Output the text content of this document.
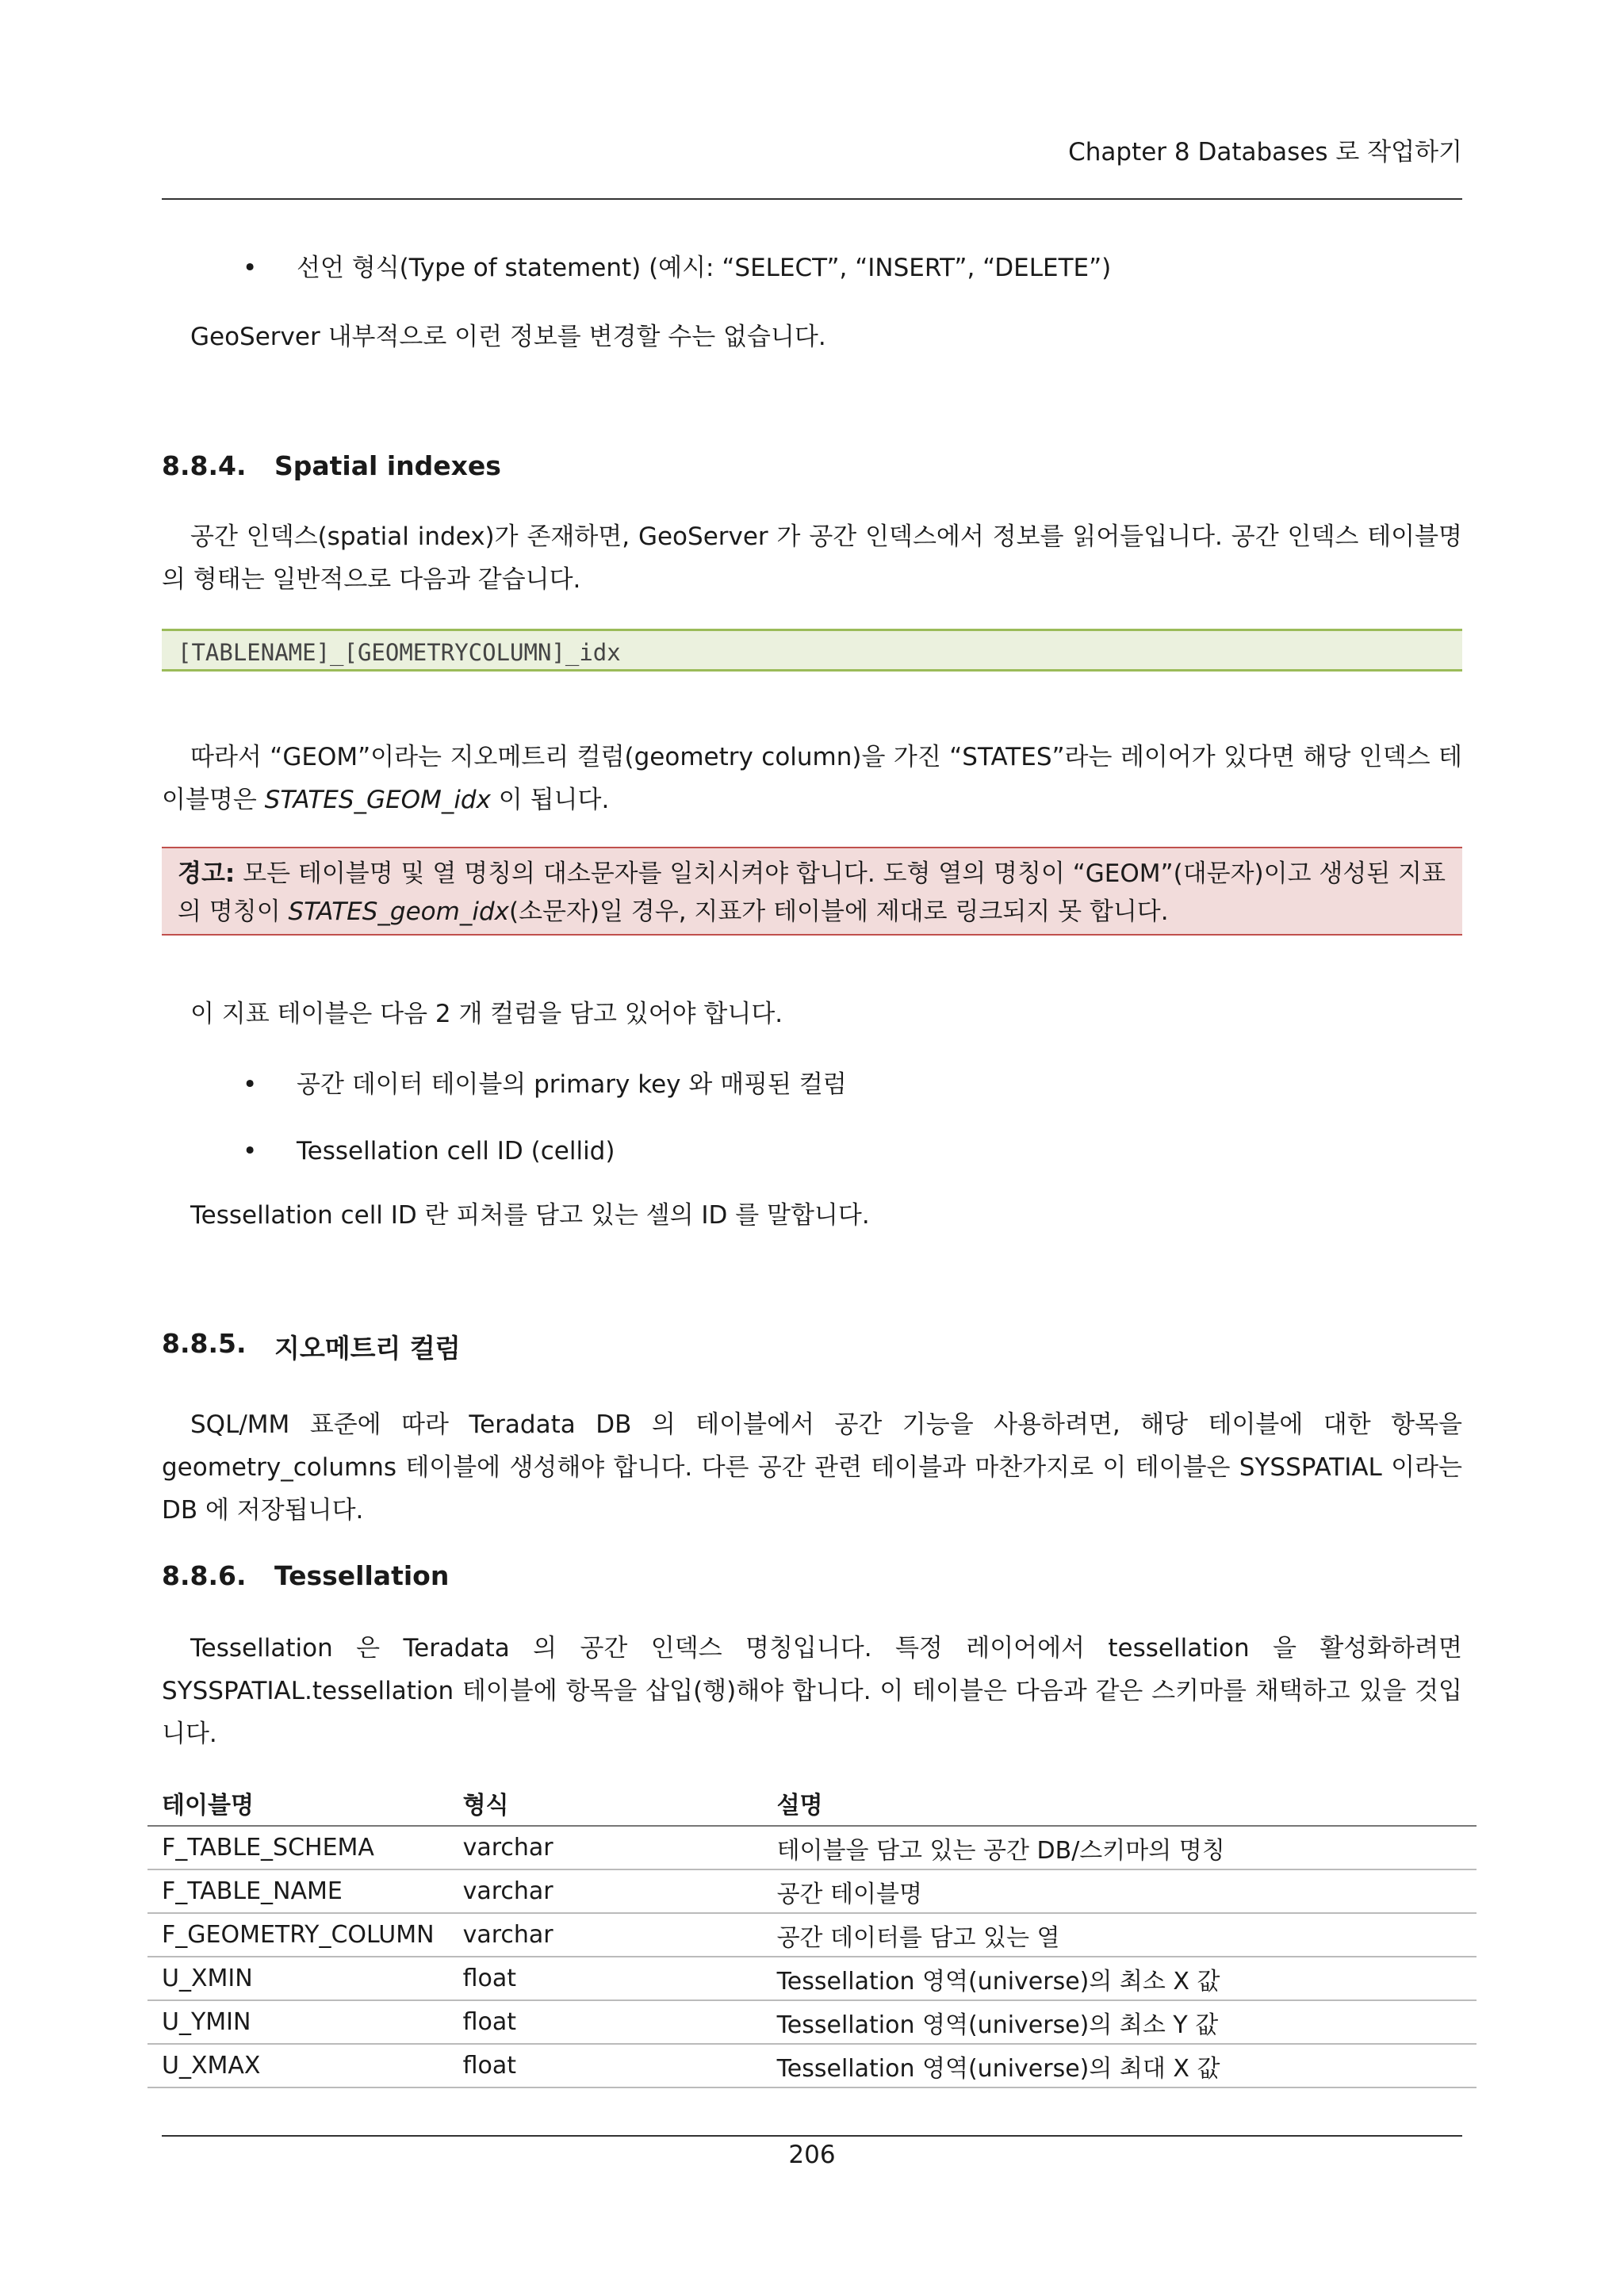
Chapter 8 Databases 로 작업하기
• 선언 형식(Type of statement) (예시: “SELECT”, “INSERT”, “DELETE”)
GeoServer 내부적으로 이런 정보를 변경할 수는 없습니다.
8.8.4. Spatial indexes
공간 인덱스(spatial index)가 존재하면, GeoServer 가 공간 인덱스에서 정보를 읽어들입니다. 공간 인덱스 테이블명의 형태는 일반적으로 다음과 같습니다.
[TABLENAME]_[GEOMETRYCOLUMN]_idx
따라서 “GEOM”이라는 지오메트리 컬럼(geometry column)을 가진 “STATES”라는 레이어가 있다면 해당 인덱스 테이블명은 STATES_GEOM_idx 이 됩니다.
경고: 모든 테이블명 및 열 명칭의 대소문자를 일치시켜야 합니다. 도형 열의 명칭이 “GEOM”(대문자)이고 생성된 지표의 명칭이 STATES_geom_idx(소문자)일 경우, 지표가 테이블에 제대로 링크되지 못 합니다.
이 지표 테이블은 다음 2 개 컬럼을 담고 있어야 합니다.
• 공간 데이터 테이블의 primary key 와 매핑된 컬럼
• Tessellation cell ID (cellid)
Tessellation cell ID 란 피처를 담고 있는 셀의 ID 를 말합니다.
8.8.5. 지오메트리 컬럼
SQL/MM 표준에 따라 Teradata DB 의 테이블에서 공간 기능을 사용하려면, 해당 테이블에 대한 항목을 geometry_columns 테이블에 생성해야 합니다. 다른 공간 관련 테이블과 마찬가지로 이 테이블은 SYSSPATIAL 이라는 DB 에 저장됩니다.
8.8.6. Tessellation
Tessellation 은 Teradata 의 공간 인덱스 명칭입니다. 특정 레이어에서 tessellation 을 활성화하려면 SYSSPATIAL.tessellation 테이블에 항목을 삽입(행)해야 합니다. 이 테이블은 다음과 같은 스키마를 채택하고 있을 것입니다.
테이블명	형식	설명
F_TABLE_SCHEMA	varchar	테이블을 담고 있는 공간 DB/스키마의 명칭
F_TABLE_NAME	varchar	공간 테이블명
F_GEOMETRY_COLUMN	varchar	공간 데이터를 담고 있는 열
U_XMIN	float	Tessellation 영역(universe)의 최소 X 값
U_YMIN	float	Tessellation 영역(universe)의 최소 Y 값
U_XMAX	float	Tessellation 영역(universe)의 최대 X 값
206
